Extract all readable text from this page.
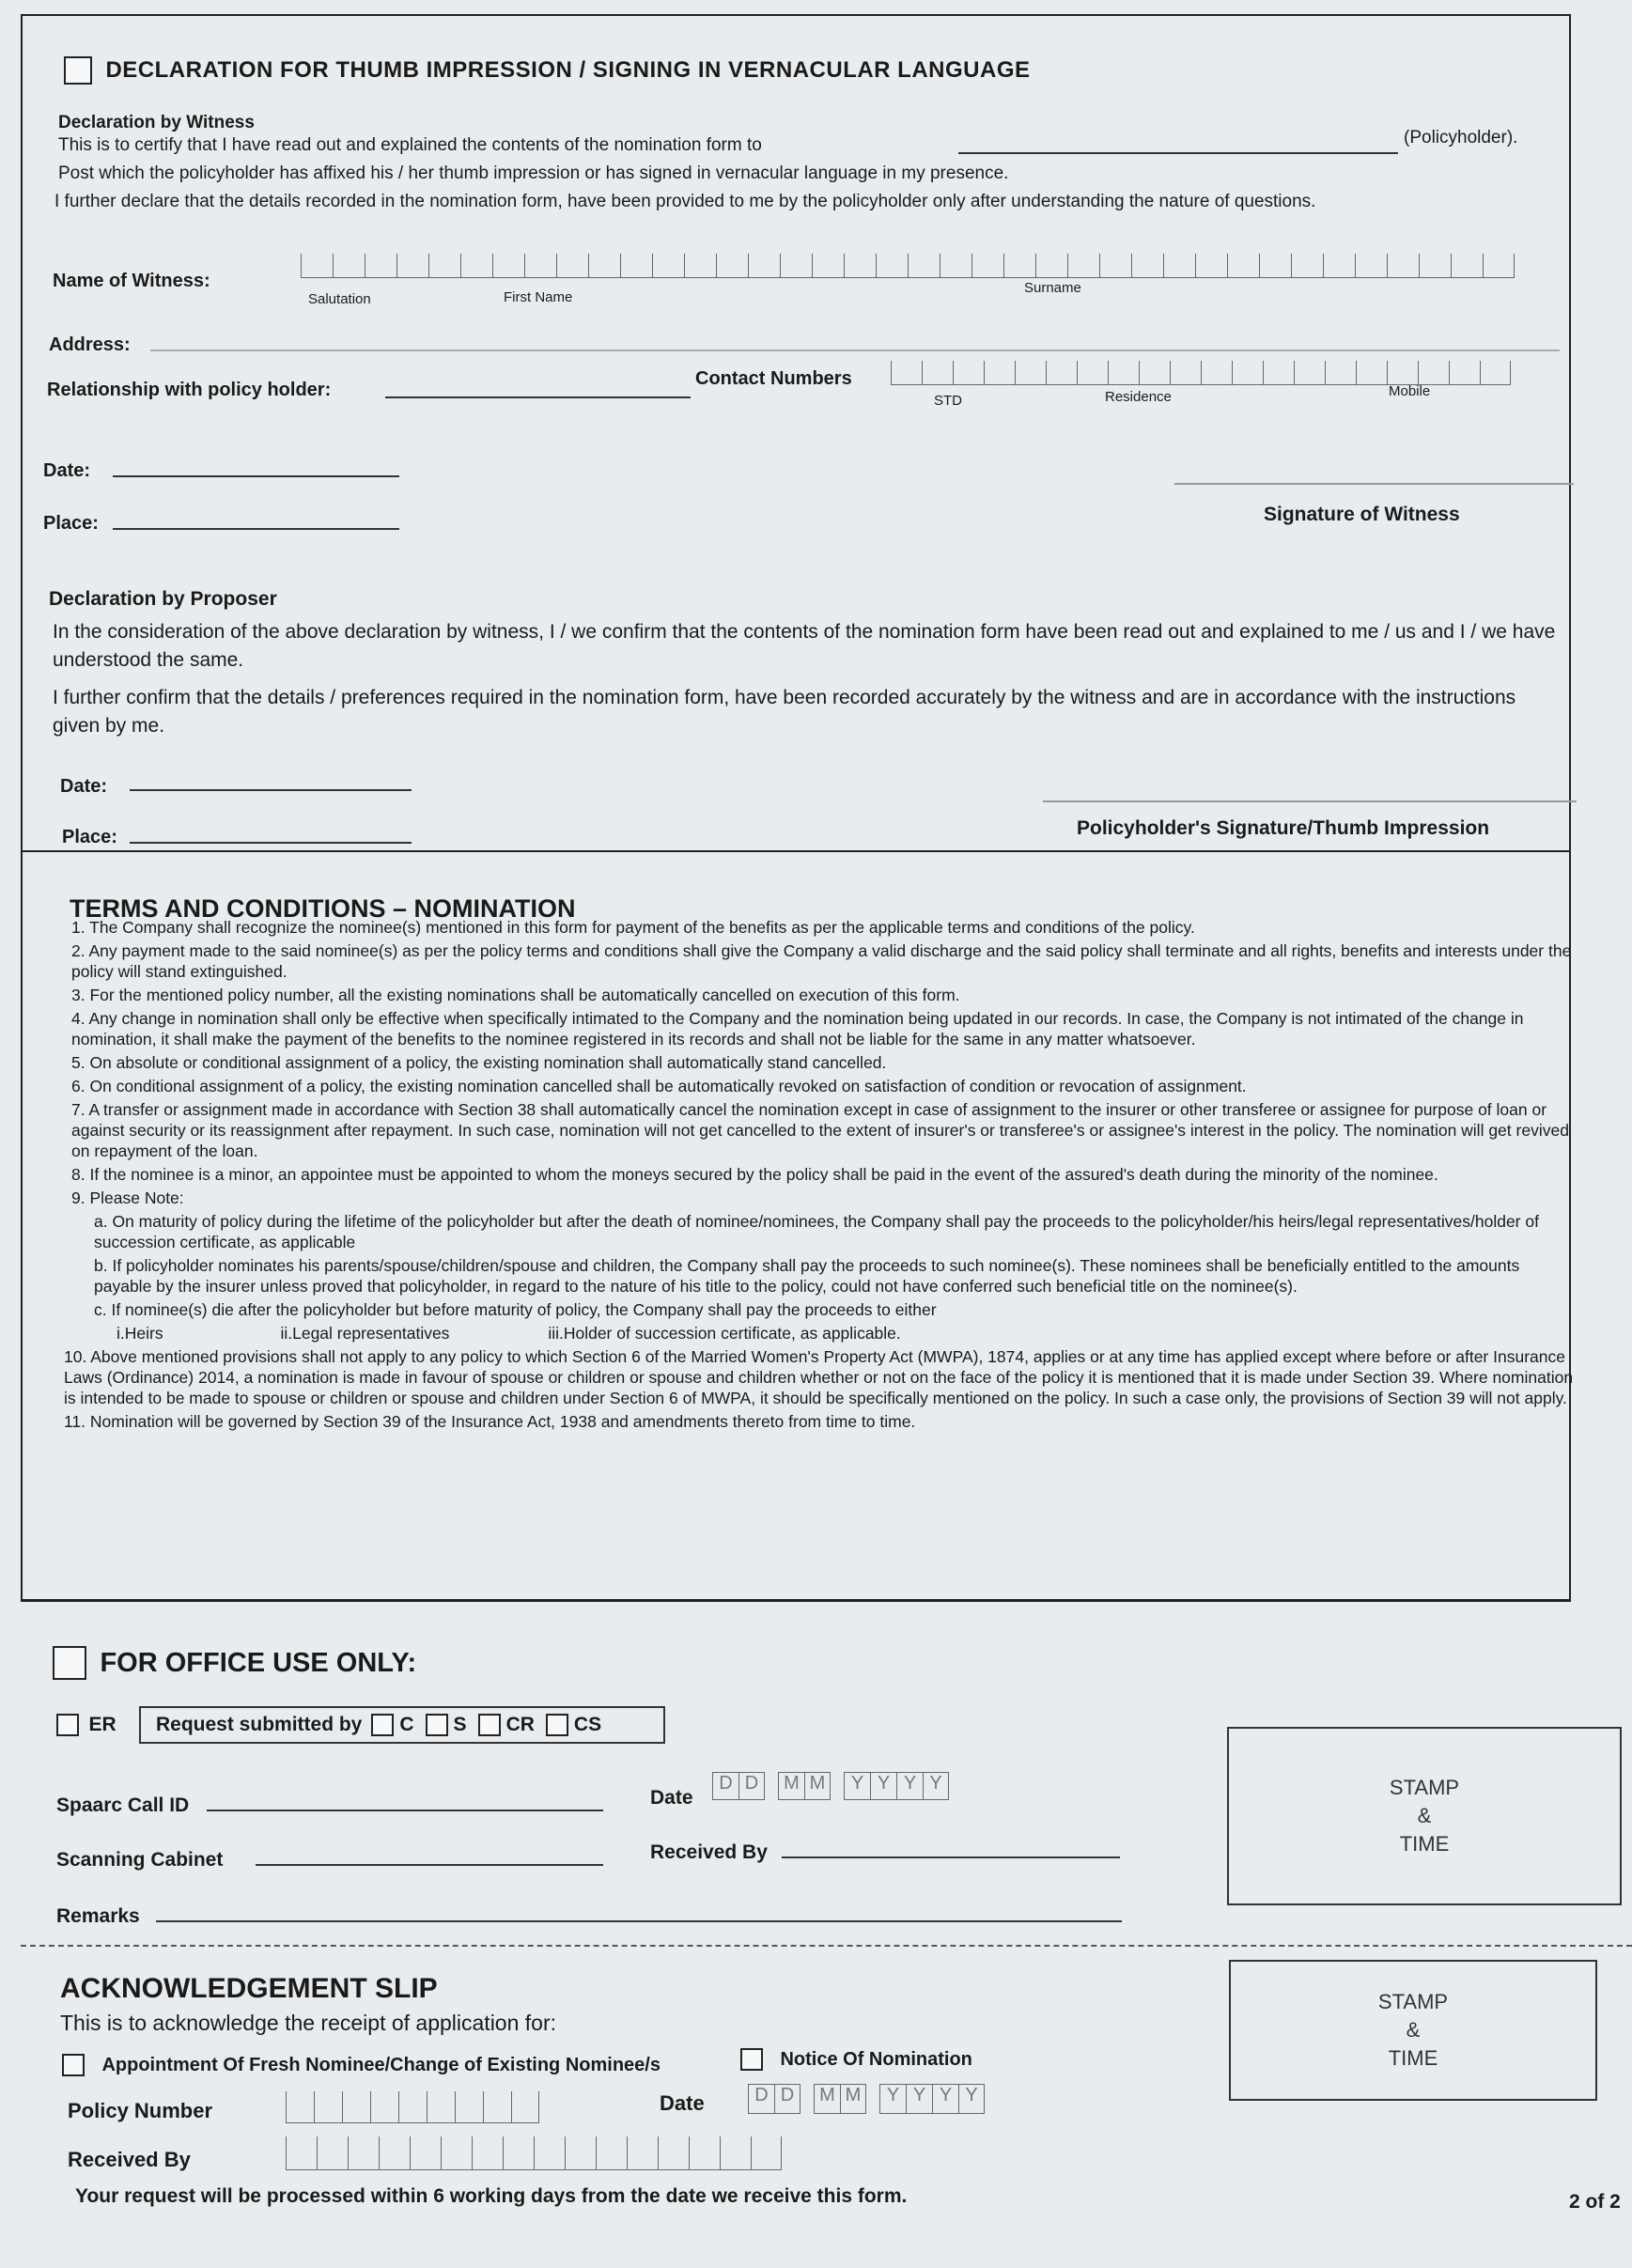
DECLARATION FOR THUMB IMPRESSION / SIGNING IN VERNACULAR LANGUAGE
Declaration by Witness
This is to certify that I have read out and explained the contents of the nomination form to	(Policyholder).
Post which the policyholder has affixed his / her thumb impression or has signed in vernacular language in my presence.
I further declare that the details recorded in the nomination form, have been provided to me by the policyholder only after understanding the nature of questions.
Name of Witness:
Salutation	First Name
Surname
Address:
Relationship with policy holder:
Contact Numbers
STD	Residence	Mobile
Date:
Place:	Signature of Witness
Declaration by Proposer
In the consideration of the above declaration by witness, I / we confirm that the contents of the nomination form have been read out and explained to me / us and I / we have understood the same.
I further confirm that the details / preferences required in the nomination form, have been recorded accurately by the witness and are in accordance with the instructions given by me.
Date:
Place:	Policyholder's Signature/Thumb Impression
TERMS AND CONDITIONS – NOMINATION
1. The Company shall recognize the nominee(s) mentioned in this form for payment of the benefits as per the applicable terms and conditions of the policy.
2. Any payment made to the said nominee(s) as per the policy terms and conditions shall give the Company a valid discharge and the said policy shall terminate and all rights, benefits and interests under the policy will stand extinguished.
3. For the mentioned policy number, all the existing nominations shall be automatically cancelled on execution of this form.
4. Any change in nomination shall only be effective when specifically intimated to the Company and the nomination being updated in our records. In case, the Company is not intimated of the change in nomination, it shall make the payment of the benefits to the nominee registered in its records and shall not be liable for the same in any matter whatsoever.
5. On absolute or conditional assignment of a policy, the existing nomination shall automatically stand cancelled.
6. On conditional assignment of a policy, the existing nomination cancelled shall be automatically revoked on satisfaction of condition or revocation of assignment.
7. A transfer or assignment made in accordance with Section 38 shall automatically cancel the nomination except in case of assignment to the insurer or other transferee or assignee for purpose of loan or against security or its reassignment after repayment. In such case, nomination will not get cancelled to the extent of insurer's or transferee's or assignee's interest in the policy. The nomination will get revived on repayment of the loan.
8. If the nominee is a minor, an appointee must be appointed to whom the moneys secured by the policy shall be paid in the event of the assured's death during the minority of the nominee.
9. Please Note:
a. On maturity of policy during the lifetime of the policyholder but after the death of nominee/nominees, the Company shall pay the proceeds to the policyholder/his heirs/legal representatives/holder of succession certificate, as applicable
b. If policyholder nominates his parents/spouse/children/spouse and children, the Company shall pay the proceeds to such nominee(s). These nominees shall be beneficially entitled to the amounts payable by the insurer unless proved that policyholder, in regard to the nature of his title to the policy, could not have conferred such beneficial title on the nominee(s).
c. If nominee(s) die after the policyholder but before maturity of policy, the Company shall pay the proceeds to either
i.Heirs	ii.Legal representatives	iii.Holder of succession certificate, as applicable.
10. Above mentioned provisions shall not apply to any policy to which Section 6 of the Married Women's Property Act (MWPA), 1874, applies or at any time has applied except where before or after Insurance Laws (Ordinance) 2014, a nomination is made in favour of spouse or children or spouse and children whether or not on the face of the policy it is mentioned that it is made under Section 39. Where nomination is intended to be made to spouse or children or spouse and children under Section 6 of MWPA, it should be specifically mentioned on the policy. In such a case only, the provisions of Section 39 will not apply.
11. Nomination will be governed by Section 39 of the Insurance Act, 1938 and amendments thereto from time to time.
FOR OFFICE USE ONLY:
ER Request submitted by C S CR CS
Spaarc Call ID	Date
D D	M M	Y Y Y Y
Scanning Cabinet	Received By
Remarks
STAMP
&
TIME
ACKNOWLEDGEMENT SLIP
This is to acknowledge the receipt of application for:
Appointment Of Fresh Nominee/Change of Existing Nominee/s	Notice Of Nomination
Policy Number	Date	D D	M M	Y Y Y Y
Received By
STAMP
&
TIME
Your request will be processed within 6 working days from the date we receive this form.	2 of 2
